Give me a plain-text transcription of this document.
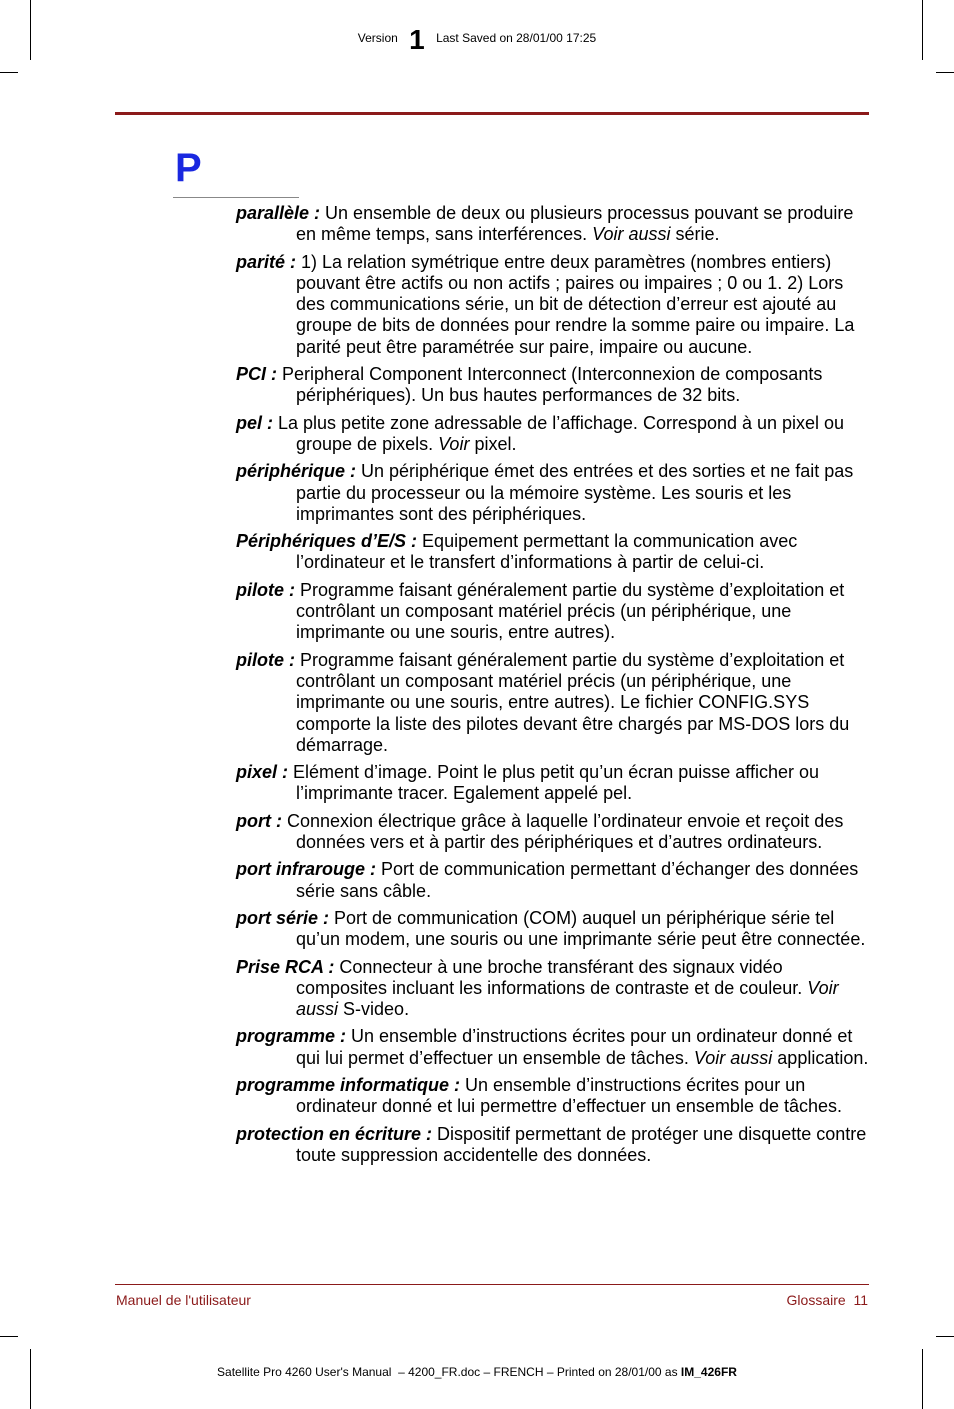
Version 1 Last Saved on 28/01/00 17:25
P
parallèle : Un ensemble de deux ou plusieurs processus pouvant se produire en même temps, sans interférences. Voir aussi série.
parité : 1) La relation symétrique entre deux paramètres (nombres entiers) pouvant être actifs ou non actifs ; paires ou impaires ; 0 ou 1. 2) Lors des communications série, un bit de détection d’erreur est ajouté au groupe de bits de données pour rendre la somme paire ou impaire. La parité peut être paramétrée sur paire, impaire ou aucune.
PCI : Peripheral Component Interconnect (Interconnexion de composants périphériques). Un bus hautes performances de 32 bits.
pel : La plus petite zone adressable de l’affichage. Correspond à un pixel ou groupe de pixels. Voir pixel.
périphérique : Un périphérique émet des entrées et des sorties et ne fait pas partie du processeur ou la mémoire système. Les souris et les imprimantes sont des périphériques.
Périphériques d’E/S : Equipement permettant la communication avec l’ordinateur et le transfert d’informations à partir de celui-ci.
pilote : Programme faisant généralement partie du système d’exploitation et contrôlant un composant matériel précis (un périphérique, une imprimante ou une souris, entre autres).
pilote : Programme faisant généralement partie du système d’exploitation et contrôlant un composant matériel précis (un périphérique, une imprimante ou une souris, entre autres). Le fichier CONFIG.SYS comporte la liste des pilotes devant être chargés par MS-DOS lors du démarrage.
pixel : Elément d’image. Point le plus petit qu’un écran puisse afficher ou l’imprimante tracer. Egalement appelé pel.
port : Connexion électrique grâce à laquelle l’ordinateur envoie et reçoit des données vers et à partir des périphériques et d’autres ordinateurs.
port infrarouge : Port de communication permettant d’échanger des données série sans câble.
port série : Port de communication (COM) auquel un périphérique série tel qu’un modem, une souris ou une imprimante série peut être connectée.
Prise RCA : Connecteur à une broche transférant des signaux vidéo composites incluant les informations de contraste et de couleur. Voir aussi S-video.
programme : Un ensemble d’instructions écrites pour un ordinateur donné et qui lui permet d’effectuer un ensemble de tâches. Voir aussi application.
programme informatique : Un ensemble d’instructions écrites pour un ordinateur donné et lui permettre d’effectuer un ensemble de tâches.
protection en écriture : Dispositif permettant de protéger une disquette contre toute suppression accidentelle des données.
Manuel de l'utilisateur	Glossaire  11
Satellite Pro 4260 User's Manual  – 4200_FR.doc – FRENCH – Printed on 28/01/00 as IM_426FR
